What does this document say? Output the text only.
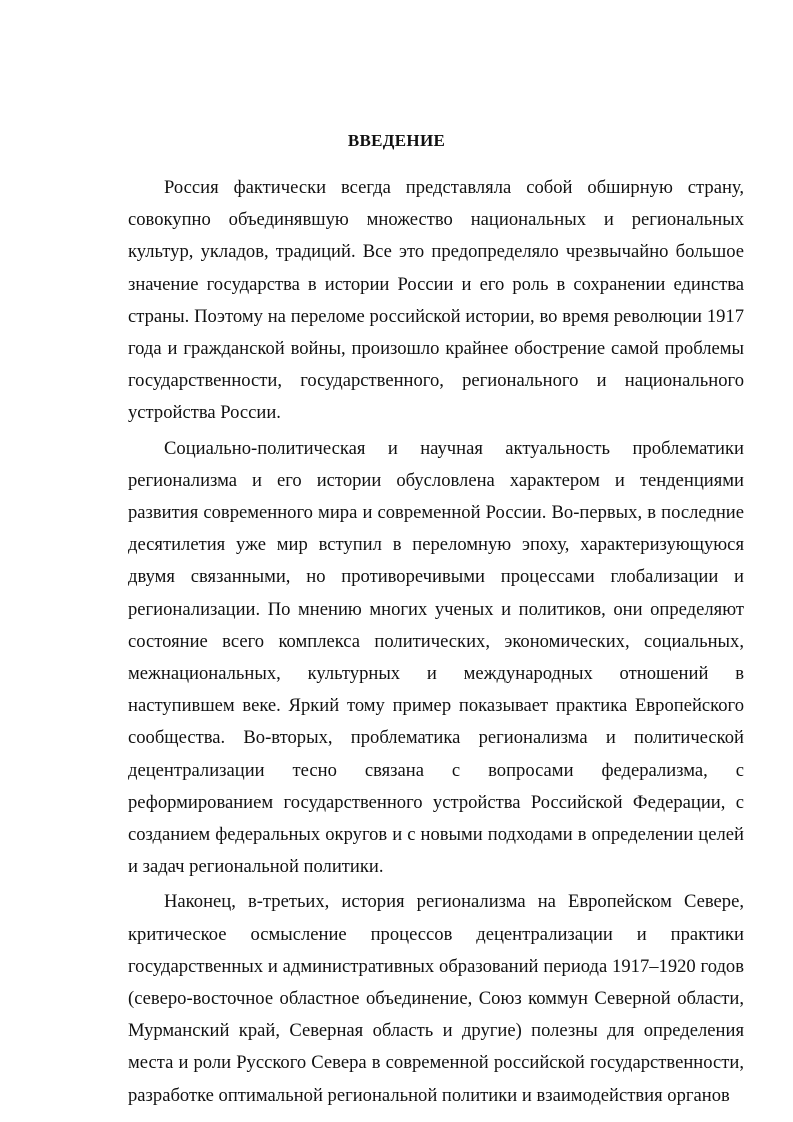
ВВЕДЕНИЕ

Россия фактически всегда представляла собой обширную страну, совокупно объединявшую множество национальных и региональных культур, укладов, традиций. Все это предопределяло чрезвычайно большое значение государства в истории России и его роль в сохранении единства страны. Поэтому на переломе российской истории, во время революции 1917 года и гражданской войны, произошло крайнее обострение самой проблемы государственности, государственного, регионального и национального устройства России.

Социально-политическая и научная актуальность проблематики регионализма и его истории обусловлена характером и тенденциями развития современного мира и современной России. Во-первых, в последние десятилетия уже мир вступил в переломную эпоху, характеризующуюся двумя связанными, но противоречивыми процессами глобализации и регионализации. По мнению многих ученых и политиков, они определяют состояние всего комплекса политических, экономических, социальных, межнациональных, культурных и международных отношений в наступившем веке. Яркий тому пример показывает практика Европейского сообщества. Во-вторых, проблематика регионализма и политической децентрализации тесно связана с вопросами федерализма, с реформированием государственного устройства Российской Федерации, с созданием федеральных округов и с новыми подходами в определении целей и задач региональной политики.

Наконец, в-третьих, история регионализма на Европейском Севере, критическое осмысление процессов децентрализации и практики государственных и административных образований периода 1917–1920 годов (северо-восточное областное объединение, Союз коммун Северной области, Мурманский край, Северная область и другие) полезны для определения места и роли Русского Севера в современной российской государственности, разработке оптимальной региональной политики и взаимодействия органов
